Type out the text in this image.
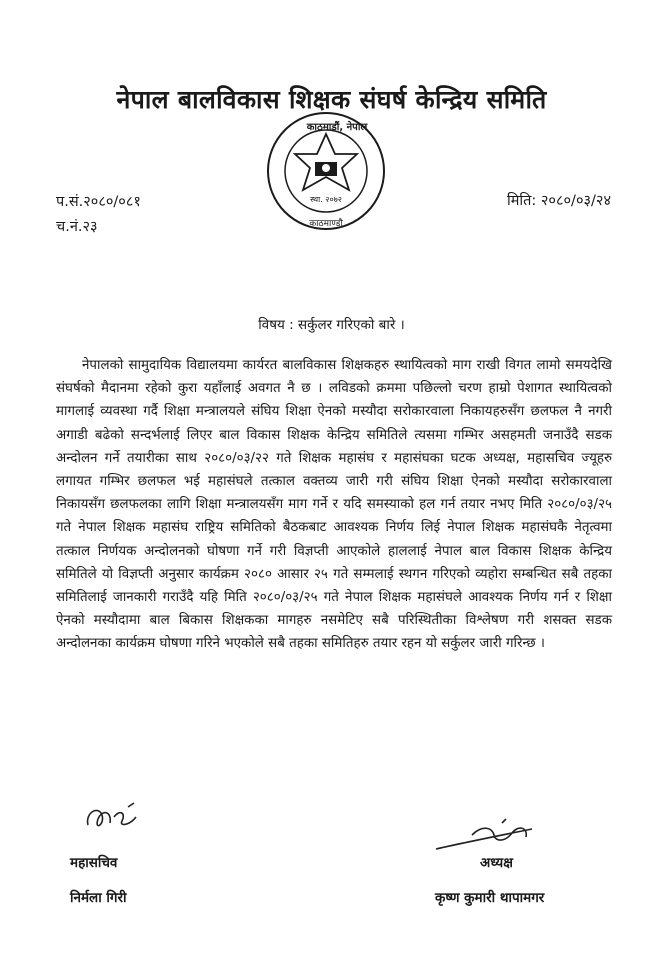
नेपाल बालविकास शिक्षक संघर्ष केन्द्रिय समिति
स्था. २०७२
काठमाण्डौ
काठमाडौं, नेपाल
प.सं.२०८०/०८१
च.नं.२३
मिति: २०८०/०३/२४
विषय : सर्कुलर गरिएको बारे ।

नेपालको सामुदायिक विद्यालयमा कार्यरत बालविकास शिक्षकहरु स्थायित्वको माग राखी विगत लामो समयदेखि संघर्षको मैदानमा रहेको कुरा यहाँलाई अवगत नै छ । लविडको क्रममा पछिल्लो चरण हाम्रो पेशागत स्थायित्वको मागलाई व्यवस्था गर्दै शिक्षा मन्त्रालयले संघिय शिक्षा ऐनको मस्यौदा सरोकारवाला निकायहरुसँग छलफल नै नगरी अगाडी बढेको सन्दर्भलाई लिएर बाल विकास शिक्षक केन्द्रिय समितिले त्यसमा गम्भिर असहमती जनाउँदै सडक अन्दोलन गर्ने तयारीका साथ २०८०/०३/२२ गते शिक्षक महासंघ र महासंघका घटक अध्यक्ष, महासचिव ज्यूहरु लगायत गम्भिर छलफल भई महासंघले तत्काल वक्तव्य जारी गरी संघिय शिक्षा ऐनको मस्यौदा सरोकारवाला निकायसँग छलफलका लागि शिक्षा मन्त्रालयसँग माग गर्ने र यदि समस्याको हल गर्न तयार नभए मिति २०८०/०३/२५ गते नेपाल शिक्षक महासंघ राष्ट्रिय समितिको बैठकबाट आवश्यक निर्णय लिई नेपाल शिक्षक महासंघकै नेतृत्वमा तत्काल निर्णयक अन्दोलनको घोषणा गर्ने गरी विज्ञप्ती आएकोले हाललाई नेपाल बाल विकास शिक्षक केन्द्रिय समितिले यो विज्ञप्ती अनुसार कार्यक्रम २०८० आसार २५ गते सम्मलाई स्थगन गरिएको व्यहोरा सम्बन्धित सबै तहका समितिलाई जानकारी गराउँदै यहि मिति २०८०/०३/२५ गते नेपाल शिक्षक महासंघले आवश्यक निर्णय गर्न र शिक्षा ऐनको मस्यौदामा बाल बिकास शिक्षकका मागहरु नसमेटिए सबै परिस्थितीका विश्लेषण गरी शसक्त सडक अन्दोलनका कार्यक्रम घोषणा गरिने भएकोले सबै तहका समितिहरु तयार रहन यो सर्कुलर जारी गरिन्छ ।

महासचिव
निर्मला गिरी
अध्यक्ष
कृष्ण कुमारी थापामगर
